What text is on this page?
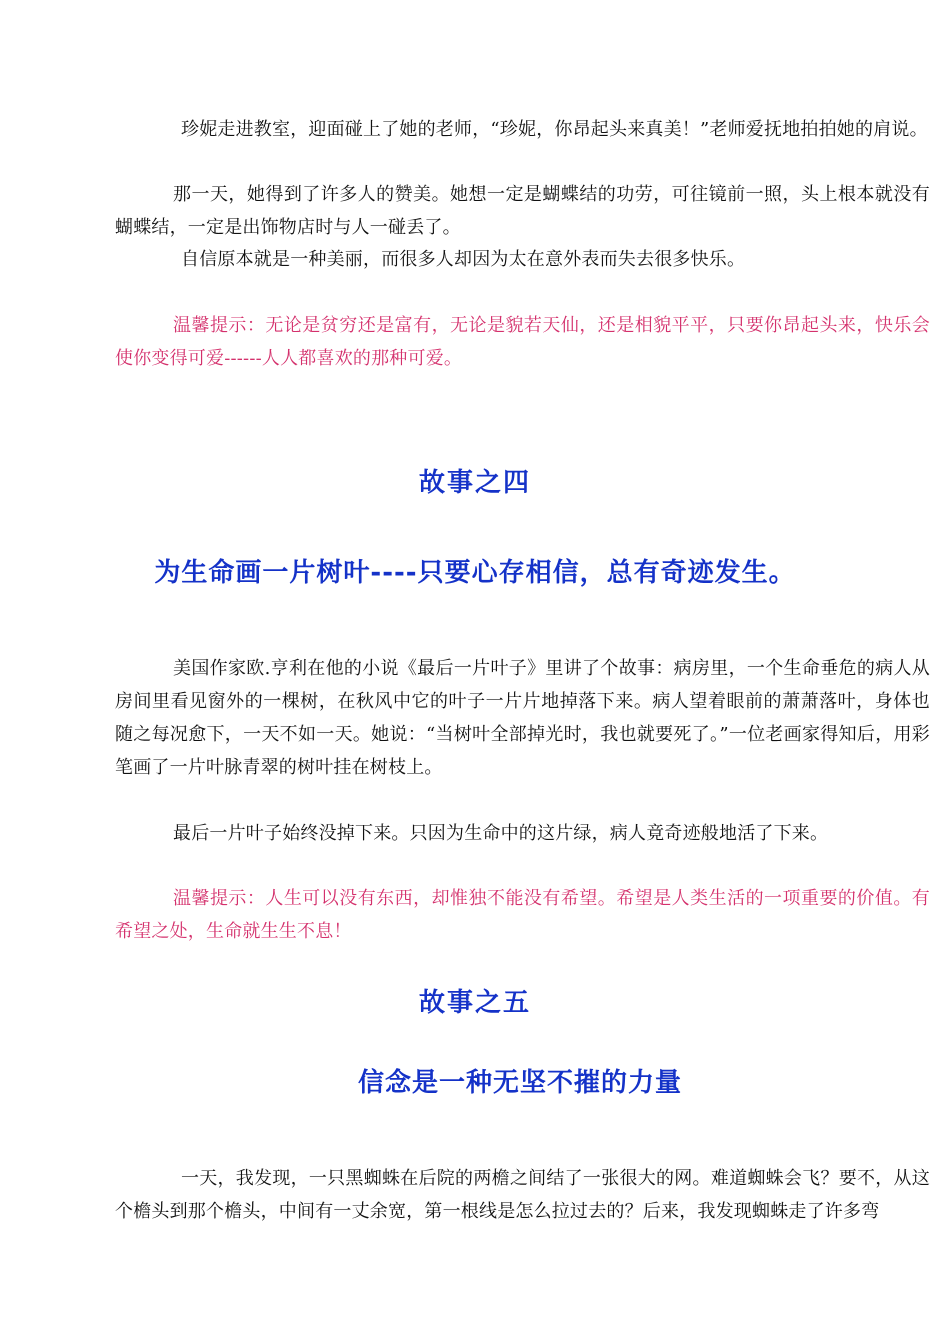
珍妮走进教室，迎面碰上了她的老师，“珍妮，你昂起头来真美！”老师爱抚地拍拍她的肩说。

那一天，她得到了许多人的赞美。她想一定是蝴蝶结的功劳，可往镜前一照，头上根本就没有蝴蝶结，一定是出饰物店时与人一碰丢了。

自信原本就是一种美丽，而很多人却因为太在意外表而失去很多快乐。

温馨提示：无论是贫穷还是富有，无论是貌若天仙，还是相貌平平，只要你昂起头来，快乐会使你变得可爱------人人都喜欢的那种可爱。

故事之四
为生命画一片树叶----只要心存相信，总有奇迹发生。

美国作家欧.亨利在他的小说《最后一片叶子》里讲了个故事：病房里，一个生命垂危的病人从房间里看见窗外的一棵树，在秋风中它的叶子一片片地掉落下来。病人望着眼前的萧萧落叶，身体也随之每况愈下，一天不如一天。她说：“当树叶全部掉光时，我也就要死了。”一位老画家得知后，用彩笔画了一片叶脉青翠的树叶挂在树枝上。

最后一片叶子始终没掉下来。只因为生命中的这片绿，病人竟奇迹般地活了下来。

温馨提示：人生可以没有东西，却惟独不能没有希望。希望是人类生活的一项重要的价值。有希望之处，生命就生生不息！

故事之五
信念是一种无坚不摧的力量

一天，我发现，一只黑蜘蛛在后院的两檐之间结了一张很大的网。难道蜘蛛会飞？要不，从这个檐头到那个檐头，中间有一丈余宽，第一根线是怎么拉过去的？后来，我发现蜘蛛走了许多弯
